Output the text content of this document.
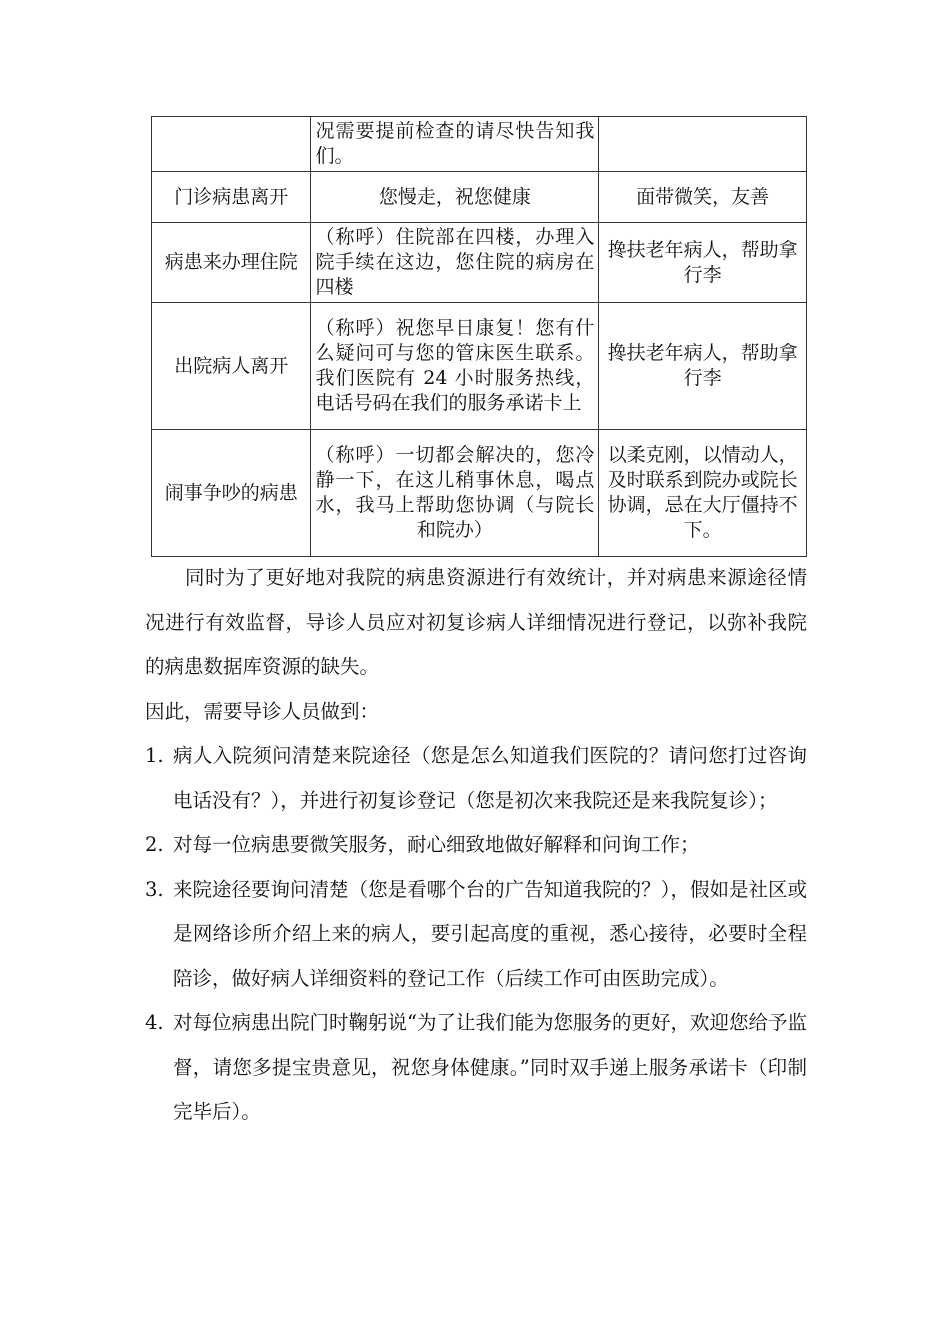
	况需要提前检查的请尽快告知我们。	
门诊病患离开	您慢走，祝您健康	面带微笑，友善
病患来办理住院	（称呼）住院部在四楼，办理入院手续在这边，您住院的病房在四楼	搀扶老年病人，帮助拿行李
出院病人离开	（称呼）祝您早日康复！您有什么疑问可与您的管床医生联系。我们医院有 24 小时服务热线，电话号码在我们的服务承诺卡上	搀扶老年病人，帮助拿行李
闹事争吵的病患	（称呼）一切都会解决的，您冷静一下，在这儿稍事休息，喝点水，我马上帮助您协调（与院长和院办）	以柔克刚，以情动人，及时联系到院办或院长协调，忌在大厅僵持不下。

同时为了更好地对我院的病患资源进行有效统计，并对病患来源途径情况进行有效监督，导诊人员应对初复诊病人详细情况进行登记，以弥补我院的病患数据库资源的缺失。

因此，需要导诊人员做到：

1. 病人入院须问清楚来院途径（您是怎么知道我们医院的？请问您打过咨询电话没有？），并进行初复诊登记（您是初次来我院还是来我院复诊）；
2. 对每一位病患要微笑服务，耐心细致地做好解释和问询工作；
3. 来院途径要询问清楚（您是看哪个台的广告知道我院的？），假如是社区或是网络诊所介绍上来的病人，要引起高度的重视，悉心接待，必要时全程陪诊，做好病人详细资料的登记工作（后续工作可由医助完成）。
4. 对每位病患出院门时鞠躬说“为了让我们能为您服务的更好，欢迎您给予监督，请您多提宝贵意见，祝您身体健康。”同时双手递上服务承诺卡（印制完毕后）。
